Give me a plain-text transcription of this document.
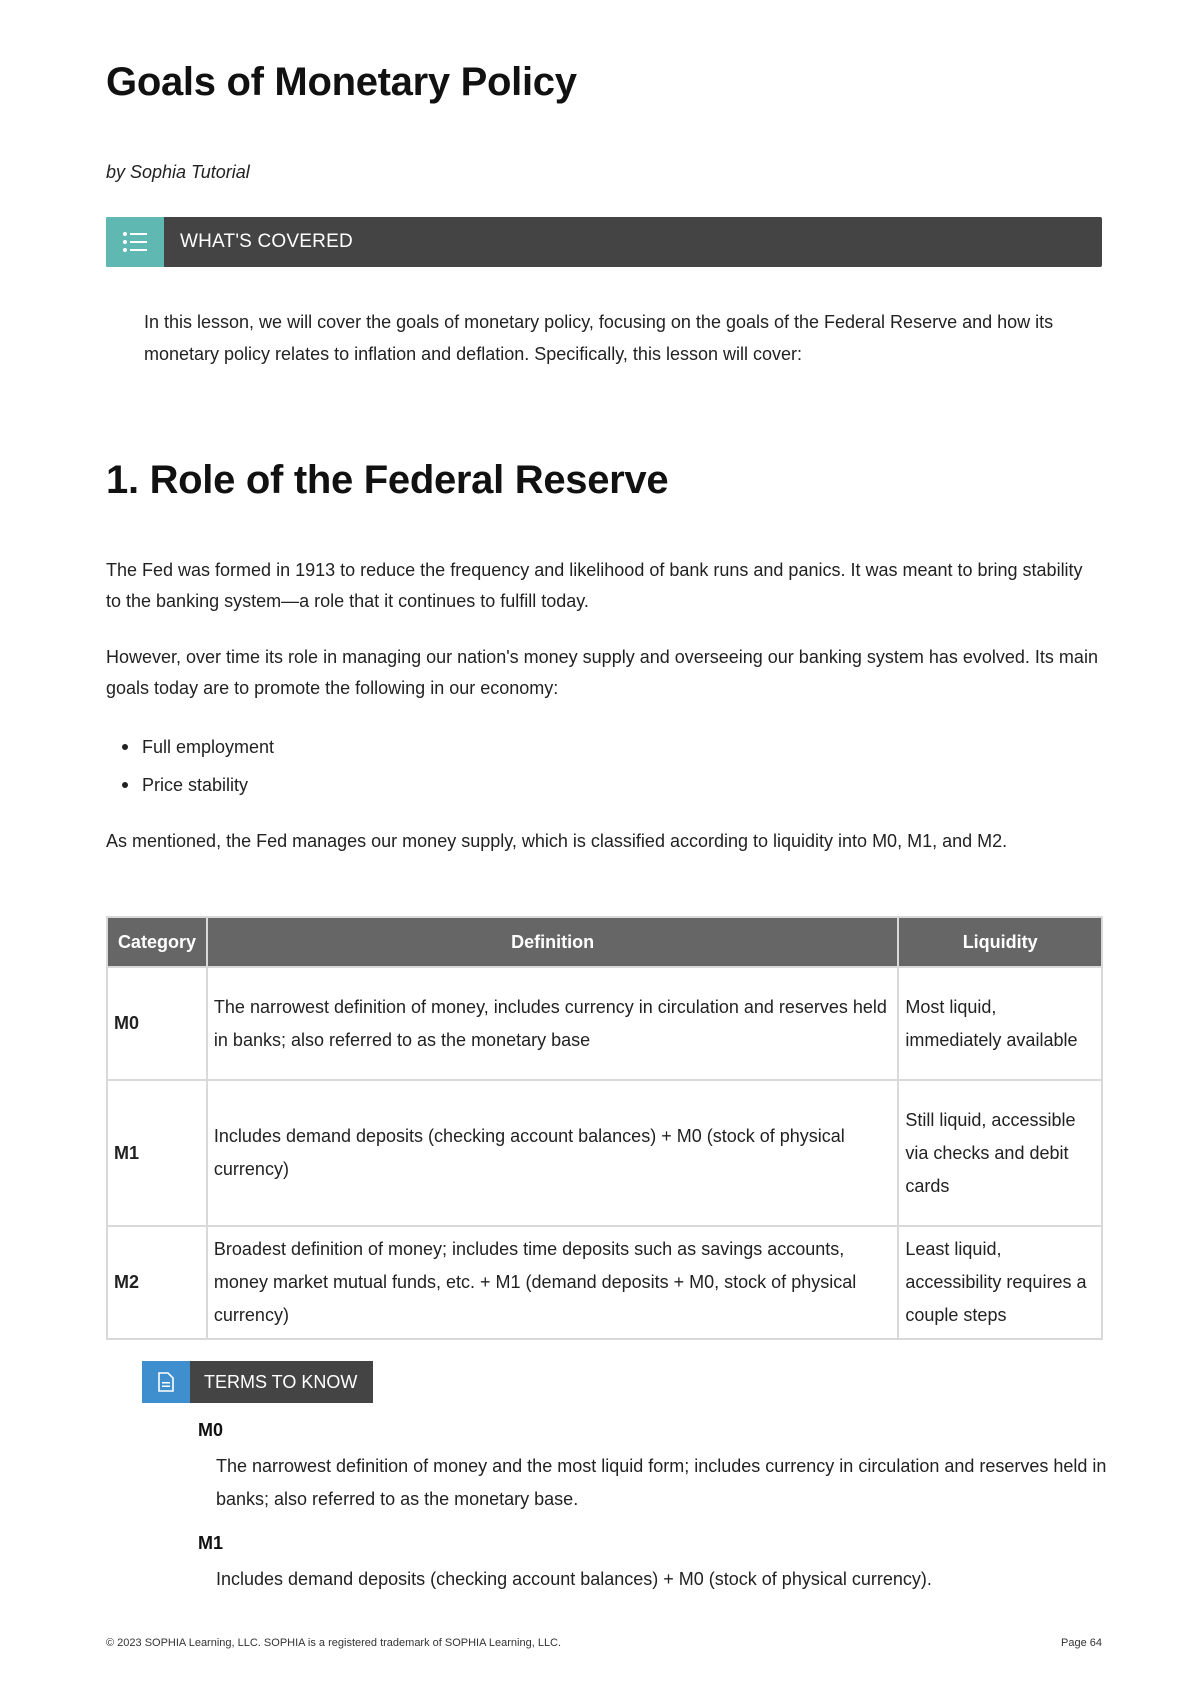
Goals of Monetary Policy
by Sophia Tutorial
WHAT'S COVERED
In this lesson, we will cover the goals of monetary policy, focusing on the goals of the Federal Reserve and how its monetary policy relates to inflation and deflation. Specifically, this lesson will cover:
1. Role of the Federal Reserve
The Fed was formed in 1913 to reduce the frequency and likelihood of bank runs and panics. It was meant to bring stability to the banking system—a role that it continues to fulfill today.
However, over time its role in managing our nation's money supply and overseeing our banking system has evolved. Its main goals today are to promote the following in our economy:
Full employment
Price stability
As mentioned, the Fed manages our money supply, which is classified according to liquidity into M0, M1, and M2.
Category	Definition	Liquidity
M0	The narrowest definition of money, includes currency in circulation and reserves held in banks; also referred to as the monetary base	Most liquid, immediately available
M1	Includes demand deposits (checking account balances) + M0 (stock of physical currency)	Still liquid, accessible via checks and debit cards
M2	Broadest definition of money; includes time deposits such as savings accounts, money market mutual funds, etc. + M1 (demand deposits + M0, stock of physical currency)	Least liquid, accessibility requires a couple steps
TERMS TO KNOW
M0
The narrowest definition of money and the most liquid form; includes currency in circulation and reserves held in banks; also referred to as the monetary base.
M1
Includes demand deposits (checking account balances) + M0 (stock of physical currency).
© 2023 SOPHIA Learning, LLC. SOPHIA is a registered trademark of SOPHIA Learning, LLC.	Page 64
